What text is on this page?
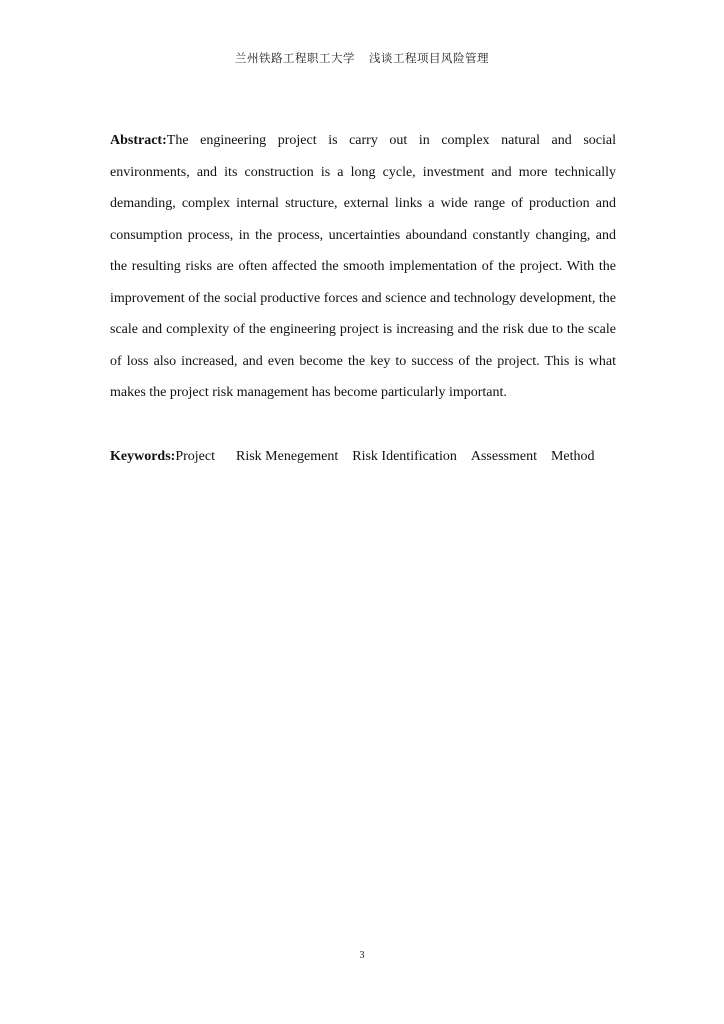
兰州铁路工程职工大学 浅谈工程项目风险管理

Abstract:The engineering project is carry out in complex natural and social environments, and its construction is a long cycle, investment and more technically demanding, complex internal structure, external links a wide range of production and consumption process, in the process, uncertainties aboundand constantly changing, and the resulting risks are often affected the smooth implementation of the project. With the improvement of the social productive forces and science and technology development, the scale and complexity of the engineering project is increasing and the risk due to the scale of loss also increased, and even become the key to success of the project. This is what makes the project risk management has become particularly important.

Keywords:Project Risk Menegement Risk Identification Assessment Method

3
